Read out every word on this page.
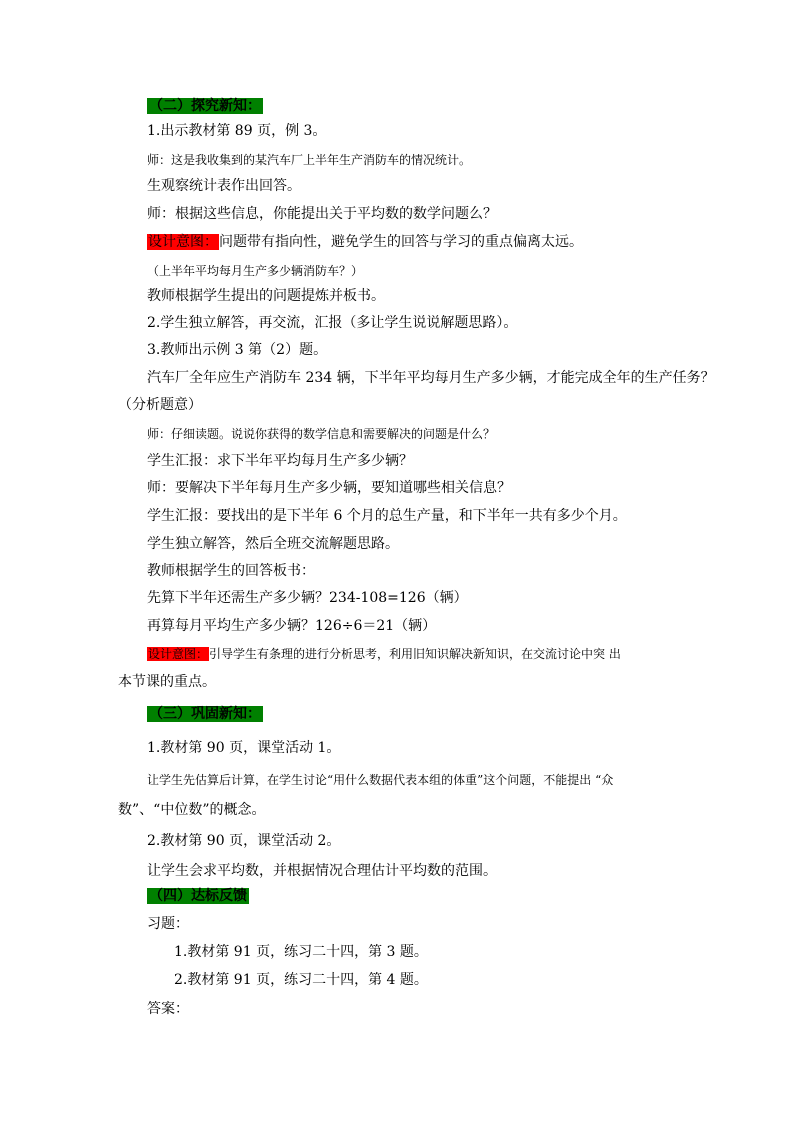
（二）探究新知：
1.出示教材第 89 页，例 3。
师：这是我收集到的某汽车厂上半年生产消防车的情况统计。
生观察统计表作出回答。
师：根据这些信息，你能提出关于平均数的数学问题么？
设计意图：问题带有指向性，避免学生的回答与学习的重点偏离太远。
（上半年平均每月生产多少辆消防车？）
教师根据学生提出的问题提炼并板书。
2.学生独立解答，再交流，汇报（多让学生说说解题思路）。
3.教师出示例 3 第（2）题。
汽车厂全年应生产消防车 234 辆，下半年平均每月生产多少辆，才能完成全年的生产任务？
（分析题意）
师：仔细读题。说说你获得的数学信息和需要解决的问题是什么？
学生汇报：求下半年平均每月生产多少辆？
师：要解决下半年每月生产多少辆，要知道哪些相关信息？
学生汇报：要找出的是下半年 6 个月的总生产量，和下半年一共有多少个月。
学生独立解答，然后全班交流解题思路。
教师根据学生的回答板书：
先算下半年还需生产多少辆？234-108=126（辆）
再算每月平均生产多少辆？126÷6＝21（辆）
设计意图：引导学生有条理的进行分析思考，利用旧知识解决新知识，在交流讨论中突 出
本节课的重点。
（三）巩固新知：
1.教材第 90 页，课堂活动 1。
让学生先估算后计算，在学生讨论“用什么数据代表本组的体重”这个问题，不能提出 “众
数”、“中位数”的概念。
2.教材第 90 页，课堂活动 2。
让学生会求平均数，并根据情况合理估计平均数的范围。
（四）达标反馈
习题：
1.教材第 91 页，练习二十四，第 3 题。
2.教材第 91 页，练习二十四，第 4 题。
答案：
